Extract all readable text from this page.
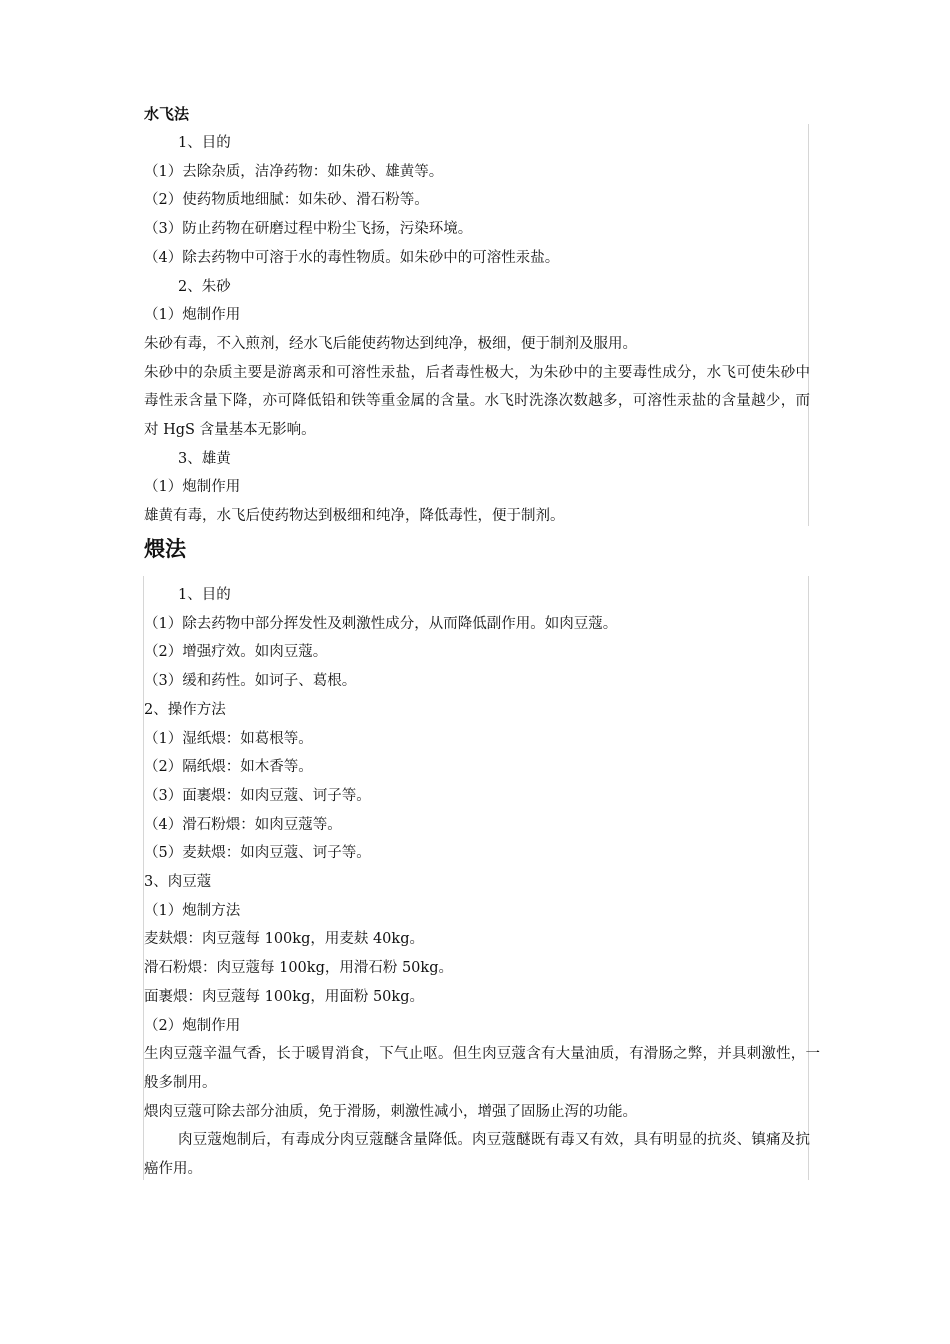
水飞法
1、目的
（1）去除杂质，洁净药物：如朱砂、雄黄等。
（2）使药物质地细腻：如朱砂、滑石粉等。
（3）防止药物在研磨过程中粉尘飞扬，污染环境。
（4）除去药物中可溶于水的毒性物质。如朱砂中的可溶性汞盐。
2、朱砂
（1）炮制作用
朱砂有毒，不入煎剂，经水飞后能使药物达到纯净，极细，便于制剂及服用。
朱砂中的杂质主要是游离汞和可溶性汞盐，后者毒性极大，为朱砂中的主要毒性成分，水飞可使朱砂中毒性汞含量下降，亦可降低铅和铁等重金属的含量。水飞时洗涤次数越多，可溶性汞盐的含量越少，而对 HgS 含量基本无影响。
3、雄黄
（1）炮制作用
雄黄有毒，水飞后使药物达到极细和纯净，降低毒性，便于制剂。
煨法
1、目的
（1）除去药物中部分挥发性及刺激性成分，从而降低副作用。如肉豆蔻。
（2）增强疗效。如肉豆蔻。
（3）缓和药性。如诃子、葛根。
2、操作方法
（1）湿纸煨：如葛根等。
（2）隔纸煨：如木香等。
（3）面裹煨：如肉豆蔻、诃子等。
（4）滑石粉煨：如肉豆蔻等。
（5）麦麸煨：如肉豆蔻、诃子等。
3、肉豆蔻
（1）炮制方法
麦麸煨：肉豆蔻每 100kg，用麦麸 40kg。
滑石粉煨：肉豆蔻每 100kg，用滑石粉 50kg。
面裹煨：肉豆蔻每 100kg，用面粉 50kg。
（2）炮制作用
生肉豆蔻辛温气香，长于暖胃消食，下气止呕。但生肉豆蔻含有大量油质，有滑肠之弊，并具刺激性，一般多制用。
煨肉豆蔻可除去部分油质，免于滑肠，刺激性减小，增强了固肠止泻的功能。
肉豆蔻炮制后，有毒成分肉豆蔻醚含量降低。肉豆蔻醚既有毒又有效，具有明显的抗炎、镇痛及抗癌作用。
